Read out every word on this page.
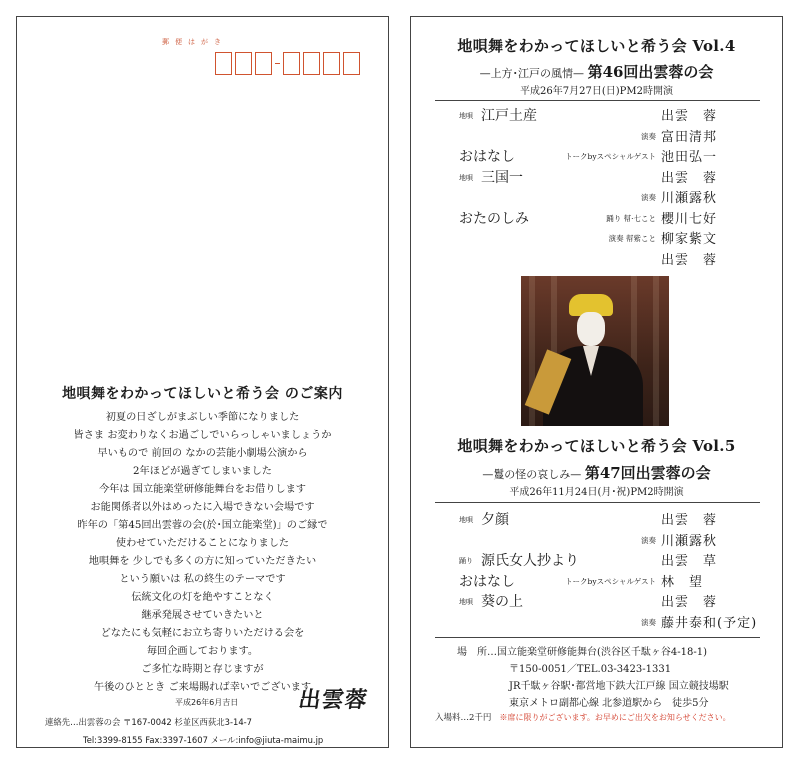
郵便はがき
地唄舞をわかってほしいと希う会 のご案内
初夏の日ざしがまぶしい季節になりました
皆さま お変わりなくお過ごしでいらっしゃいましょうか
早いもので 前回の なかの芸能小劇場公演から
2年ほどが過ぎてしまいました
今年は 国立能楽堂研修能舞台をお借りします
お能関係者以外はめったに入場できない会場です
昨年の「第45回出雲蓉の会(於･国立能楽堂)」のご縁で
使わせていただけることになりました
地唄舞を 少しでも多くの方に知っていただきたい
という願いは 私の終生のテーマです
伝統文化の灯を絶やすことなく
継承発展させていきたいと
どなたにも気軽にお立ち寄りいただける会を
毎回企画しております。
ご多忙な時期と存じますが
午後のひととき ご来場賜れば幸いでございます
平成26年6月吉日	出雲蓉
連絡先…出雲蓉の会 〒167-0042 杉並区西荻北3-14-7
Tel:3399-8155 Fax:3397-1607 メール:info@jiuta-maimu.jp
地唄舞をわかってほしいと希う会 Vol.4
—上方･江戸の風情— 第46回出雲蓉の会
平成26年7月27日(日)PM2時開演
地唄 江戸土産	出雲　蓉
演奏 富田清邦
おはなし	トークbyスペシャルゲスト 池田弘一
地唄 三国一	出雲　蓉
演奏 川瀬露秋
おたのしみ	踊り 幇·七こと 櫻川七好
演奏 幇紫こと 柳家紫文
出雲　蓉
地唄舞をわかってほしいと希う会 Vol.5
—鬘の怪の哀しみ— 第47回出雲蓉の会
平成26年11月24日(月･祝)PM2時開演
地唄 夕顔	出雲　蓉
演奏 川瀬露秋
踊り 源氏女人抄より	出雲　草
おはなし	トークbyスペシャルゲスト 林　望
地唄 葵の上	出雲　蓉
演奏 藤井泰和(予定)
場　所…国立能楽堂研修能舞台(渋谷区千駄ヶ谷4-18-1)
〒150-0051／TEL.03-3423-1331
JR千駄ヶ谷駅･都営地下鉄大江戸線 国立競技場駅
東京メトロ副都心線 北参道駅から　徒歩5分
入場料…2千円 ※席に限りがございます。お早めにご出欠をお知らせください。
